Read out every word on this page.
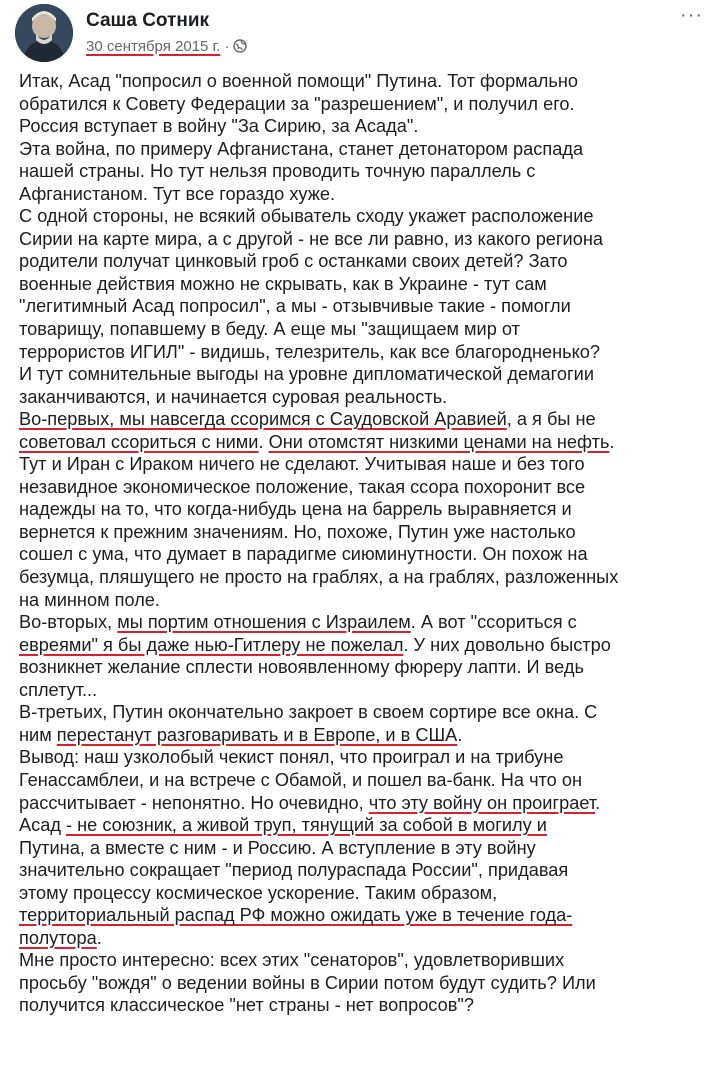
Саша Сотник
30 сентября 2015 г. ·
···
Итак, Асад "попросил о военной помощи" Путина. Тот формально
обратился к Совету Федерации за "разрешением", и получил его.
Россия вступает в войну "За Сирию, за Асада".
Эта война, по примеру Афганистана, станет детонатором распада
нашей страны. Но тут нельзя проводить точную параллель с
Афганистаном. Тут все гораздо хуже.
С одной стороны, не всякий обыватель сходу укажет расположение
Сирии на карте мира, а с другой - не все ли равно, из какого региона
родители получат цинковый гроб с останками своих детей? Зато
военные действия можно не скрывать, как в Украине - тут сам
"легитимный Асад попросил", а мы - отзывчивые такие - помогли
товарищу, попавшему в беду. А еще мы "защищаем мир от
террористов ИГИЛ" - видишь, телезритель, как все благородненько?
И тут сомнительные выгоды на уровне дипломатической демагогии
заканчиваются, и начинается суровая реальность.
Во-первых, мы навсегда ссоримся с Саудовской Аравией, а я бы не
советовал ссориться с ними. Они отомстят низкими ценами на нефть.
Тут и Иран с Ираком ничего не сделают. Учитывая наше и без того
незавидное экономическое положение, такая ссора похоронит все
надежды на то, что когда-нибудь цена на баррель выравняется и
вернется к прежним значениям. Но, похоже, Путин уже настолько
сошел с ума, что думает в парадигме сиюминутности. Он похож на
безумца, пляшущего не просто на граблях, а на граблях, разложенных
на минном поле.
Во-вторых, мы портим отношения с Израилем. А вот "ссориться с
евреями" я бы даже нью-Гитлеру не пожелал. У них довольно быстро
возникнет желание сплести новоявленному фюреру лапти. И ведь
сплетут...
В-третьих, Путин окончательно закроет в своем сортире все окна. С
ним перестанут разговаривать и в Европе, и в США.
Вывод: наш узколобый чекист понял, что проиграл и на трибуне
Генассамблеи, и на встрече с Обамой, и пошел ва-банк. На что он
рассчитывает - непонятно. Но очевидно, что эту войну он проиграет.
Асад - не союзник, а живой труп, тянущий за собой в могилу и
Путина, а вместе с ним - и Россию. А вступление в эту войну
значительно сокращает "период полураспада России", придавая
этому процессу космическое ускорение. Таким образом,
территориальный распад РФ можно ожидать уже в течение года-
полутора.
Мне просто интересно: всех этих "сенаторов", удовлетворивших
просьбу "вождя" о ведении войны в Сирии потом будут судить? Или
получится классическое "нет страны - нет вопросов"?
